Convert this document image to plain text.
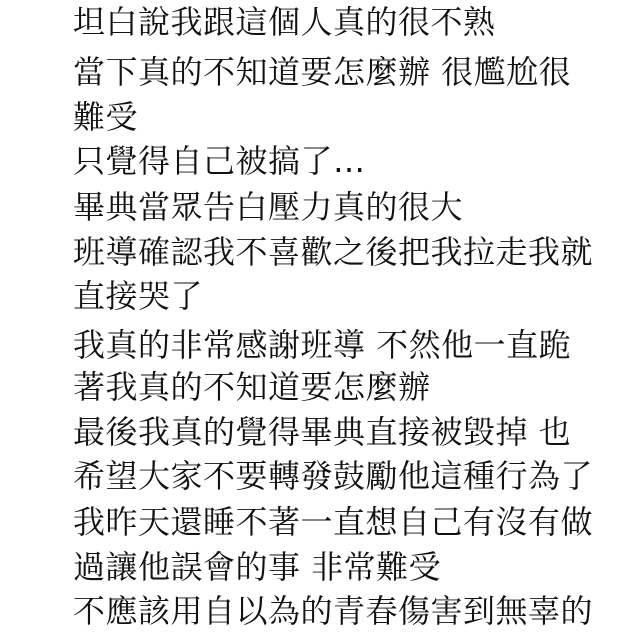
坦白說我跟這個人真的很不熟
當下真的不知道要怎麼辦 很尷尬很
難受
只覺得自己被搞了…
畢典當眾告白壓力真的很大
班導確認我不喜歡之後把我拉走我就
直接哭了
我真的非常感謝班導 不然他一直跪
著我真的不知道要怎麼辦
最後我真的覺得畢典直接被毀掉 也
希望大家不要轉發鼓勵他這種行為了
我昨天還睡不著一直想自己有沒有做
過讓他誤會的事 非常難受
不應該用自以為的青春傷害到無辜的
